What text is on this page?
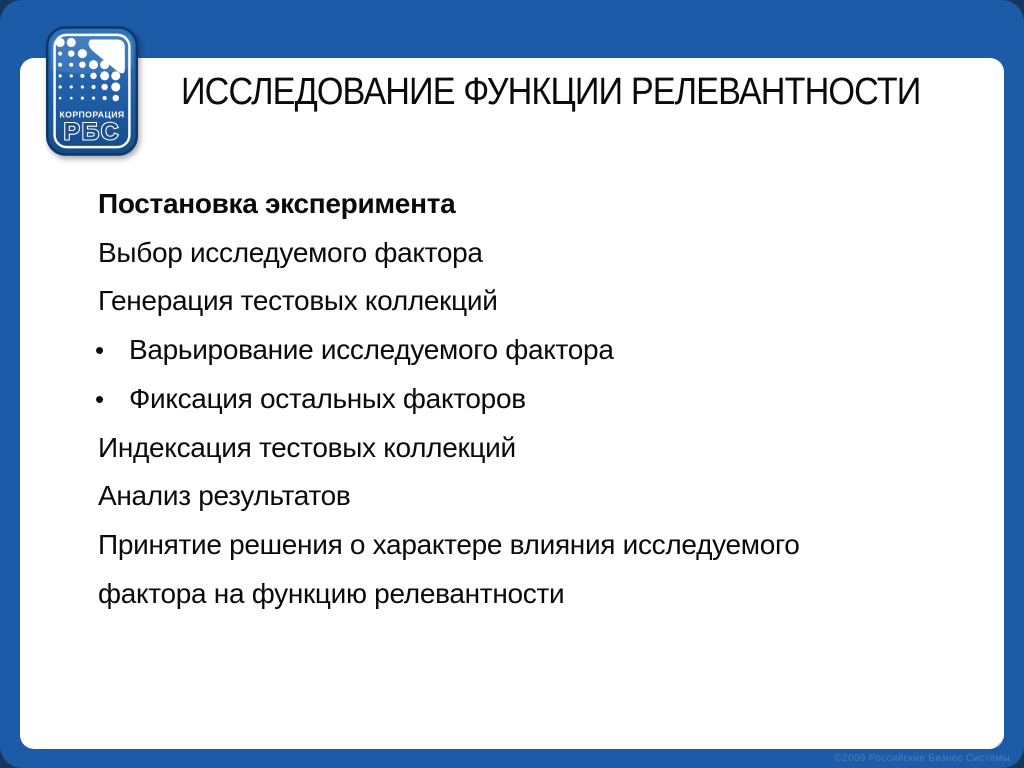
КОРПОРАЦИЯ
РБС
ИССЛЕДОВАНИЕ ФУНКЦИИ РЕЛЕВАНТНОСТИ
Постановка эксперимента
Выбор исследуемого фактора
Генерация тестовых коллекций
• Варьирование исследуемого фактора
• Фиксация остальных факторов
Индексация тестовых коллекций
Анализ результатов
Принятие решения о характере влияния исследуемого фактора на функцию релевантности
©2009 Российские Бизнес Системы
